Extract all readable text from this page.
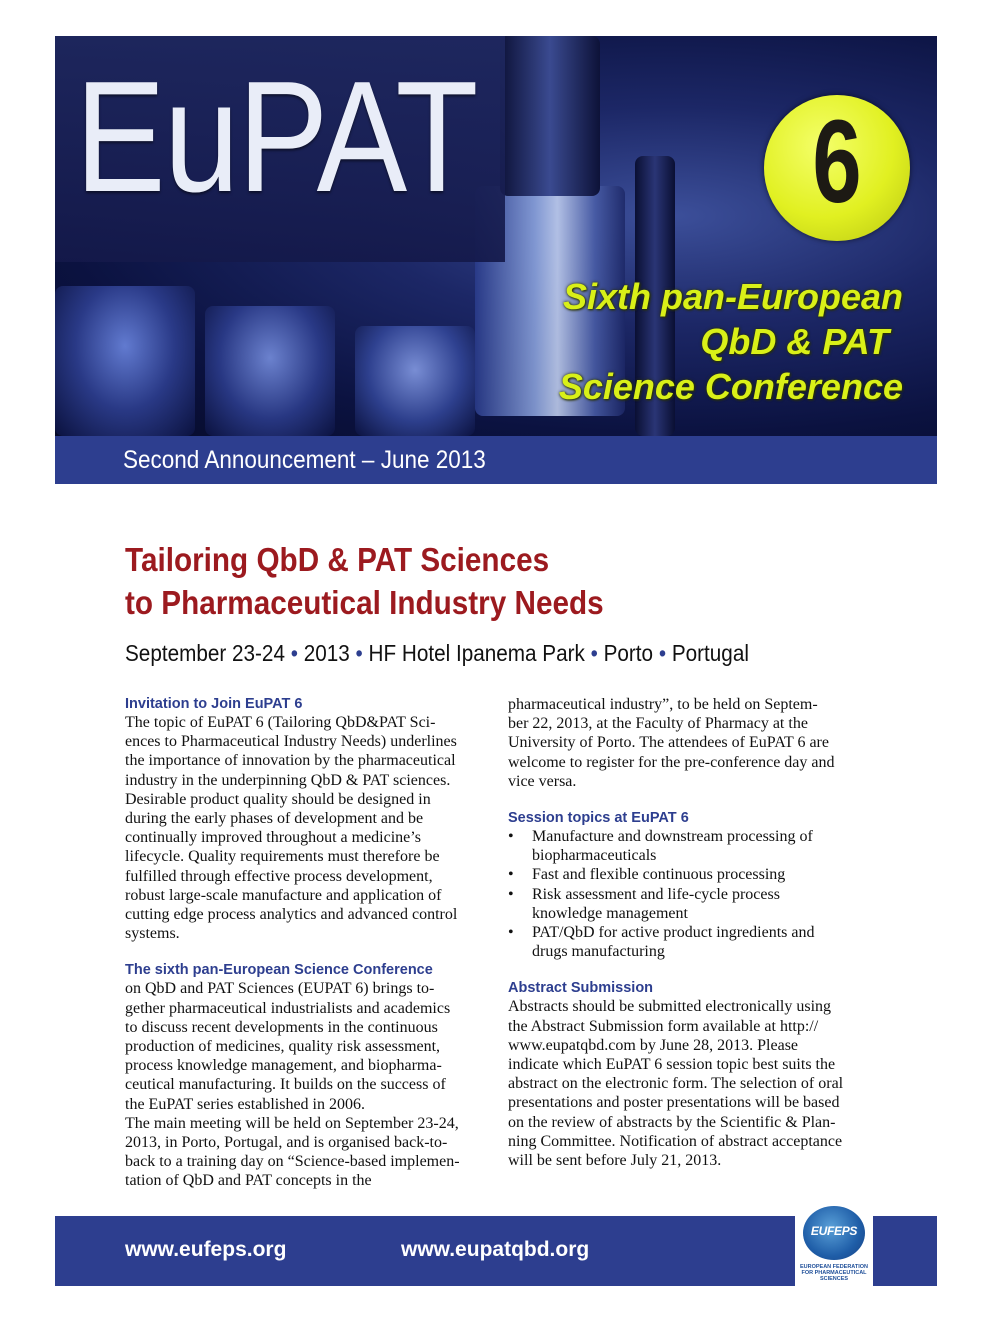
EuPAT	6
Sixth pan-European
QbD & PAT
Science Conference
Second Announcement – June 2013
Tailoring QbD & PAT Sciences
to Pharmaceutical Industry Needs
September 23-24 • 2013 • HF Hotel Ipanema Park • Porto • Portugal
Invitation to Join EuPAT 6

The topic of EuPAT 6 (Tailoring QbD&PAT Sci-
ences to Pharmaceutical Industry Needs) underlines
the importance of innovation by the pharmaceutical
industry in the underpinning QbD & PAT sciences.
Desirable product quality should be designed in
during the early phases of development and be
continually improved throughout a medicine’s
lifecycle. Quality requirements must therefore be
fulfilled through effective process development,
robust large-scale manufacture and application of
cutting edge process analytics and advanced control
systems.

The sixth pan-European Science Conference

on QbD and PAT Sciences (EUPAT 6) brings to-
gether pharmaceutical industrialists and academics
to discuss recent developments in the continuous
production of medicines, quality risk assessment,
process knowledge management, and biopharma-
ceutical manufacturing. It builds on the success of
the EuPAT series established in 2006.
The main meeting will be held on September 23-24,
2013, in Porto, Portugal, and is organised back-to-
back to a training day on “Science-based implemen-
tation of QbD and PAT concepts in the

pharmaceutical industry”, to be held on Septem-
ber 22, 2013, at the Faculty of Pharmacy at the
University of Porto. The attendees of EuPAT 6 are
welcome to register for the pre-conference day and
vice versa.

Session topics at EuPAT 6
• Manufacture and downstream processing of
biopharmaceuticals
• Fast and flexible continuous processing
• Risk assessment and life-cycle process
knowledge management
• PAT/QbD for active product ingredients and
drugs manufacturing
Abstract Submission

Abstracts should be submitted electronically using
the Abstract Submission form available at http://
www.eupatqbd.com by June 28, 2013. Please
indicate which EuPAT 6 session topic best suits the
abstract on the electronic form. The selection of oral
presentations and poster presentations will be based
on the review of abstracts by the Scientific & Plan-
ning Committee. Notification of abstract acceptance
will be sent before July 21, 2013.

www.eufeps.org	www.eupatqbd.org
EUFEPS
EUROPEAN FEDERATION
FOR PHARMACEUTICAL
SCIENCES
